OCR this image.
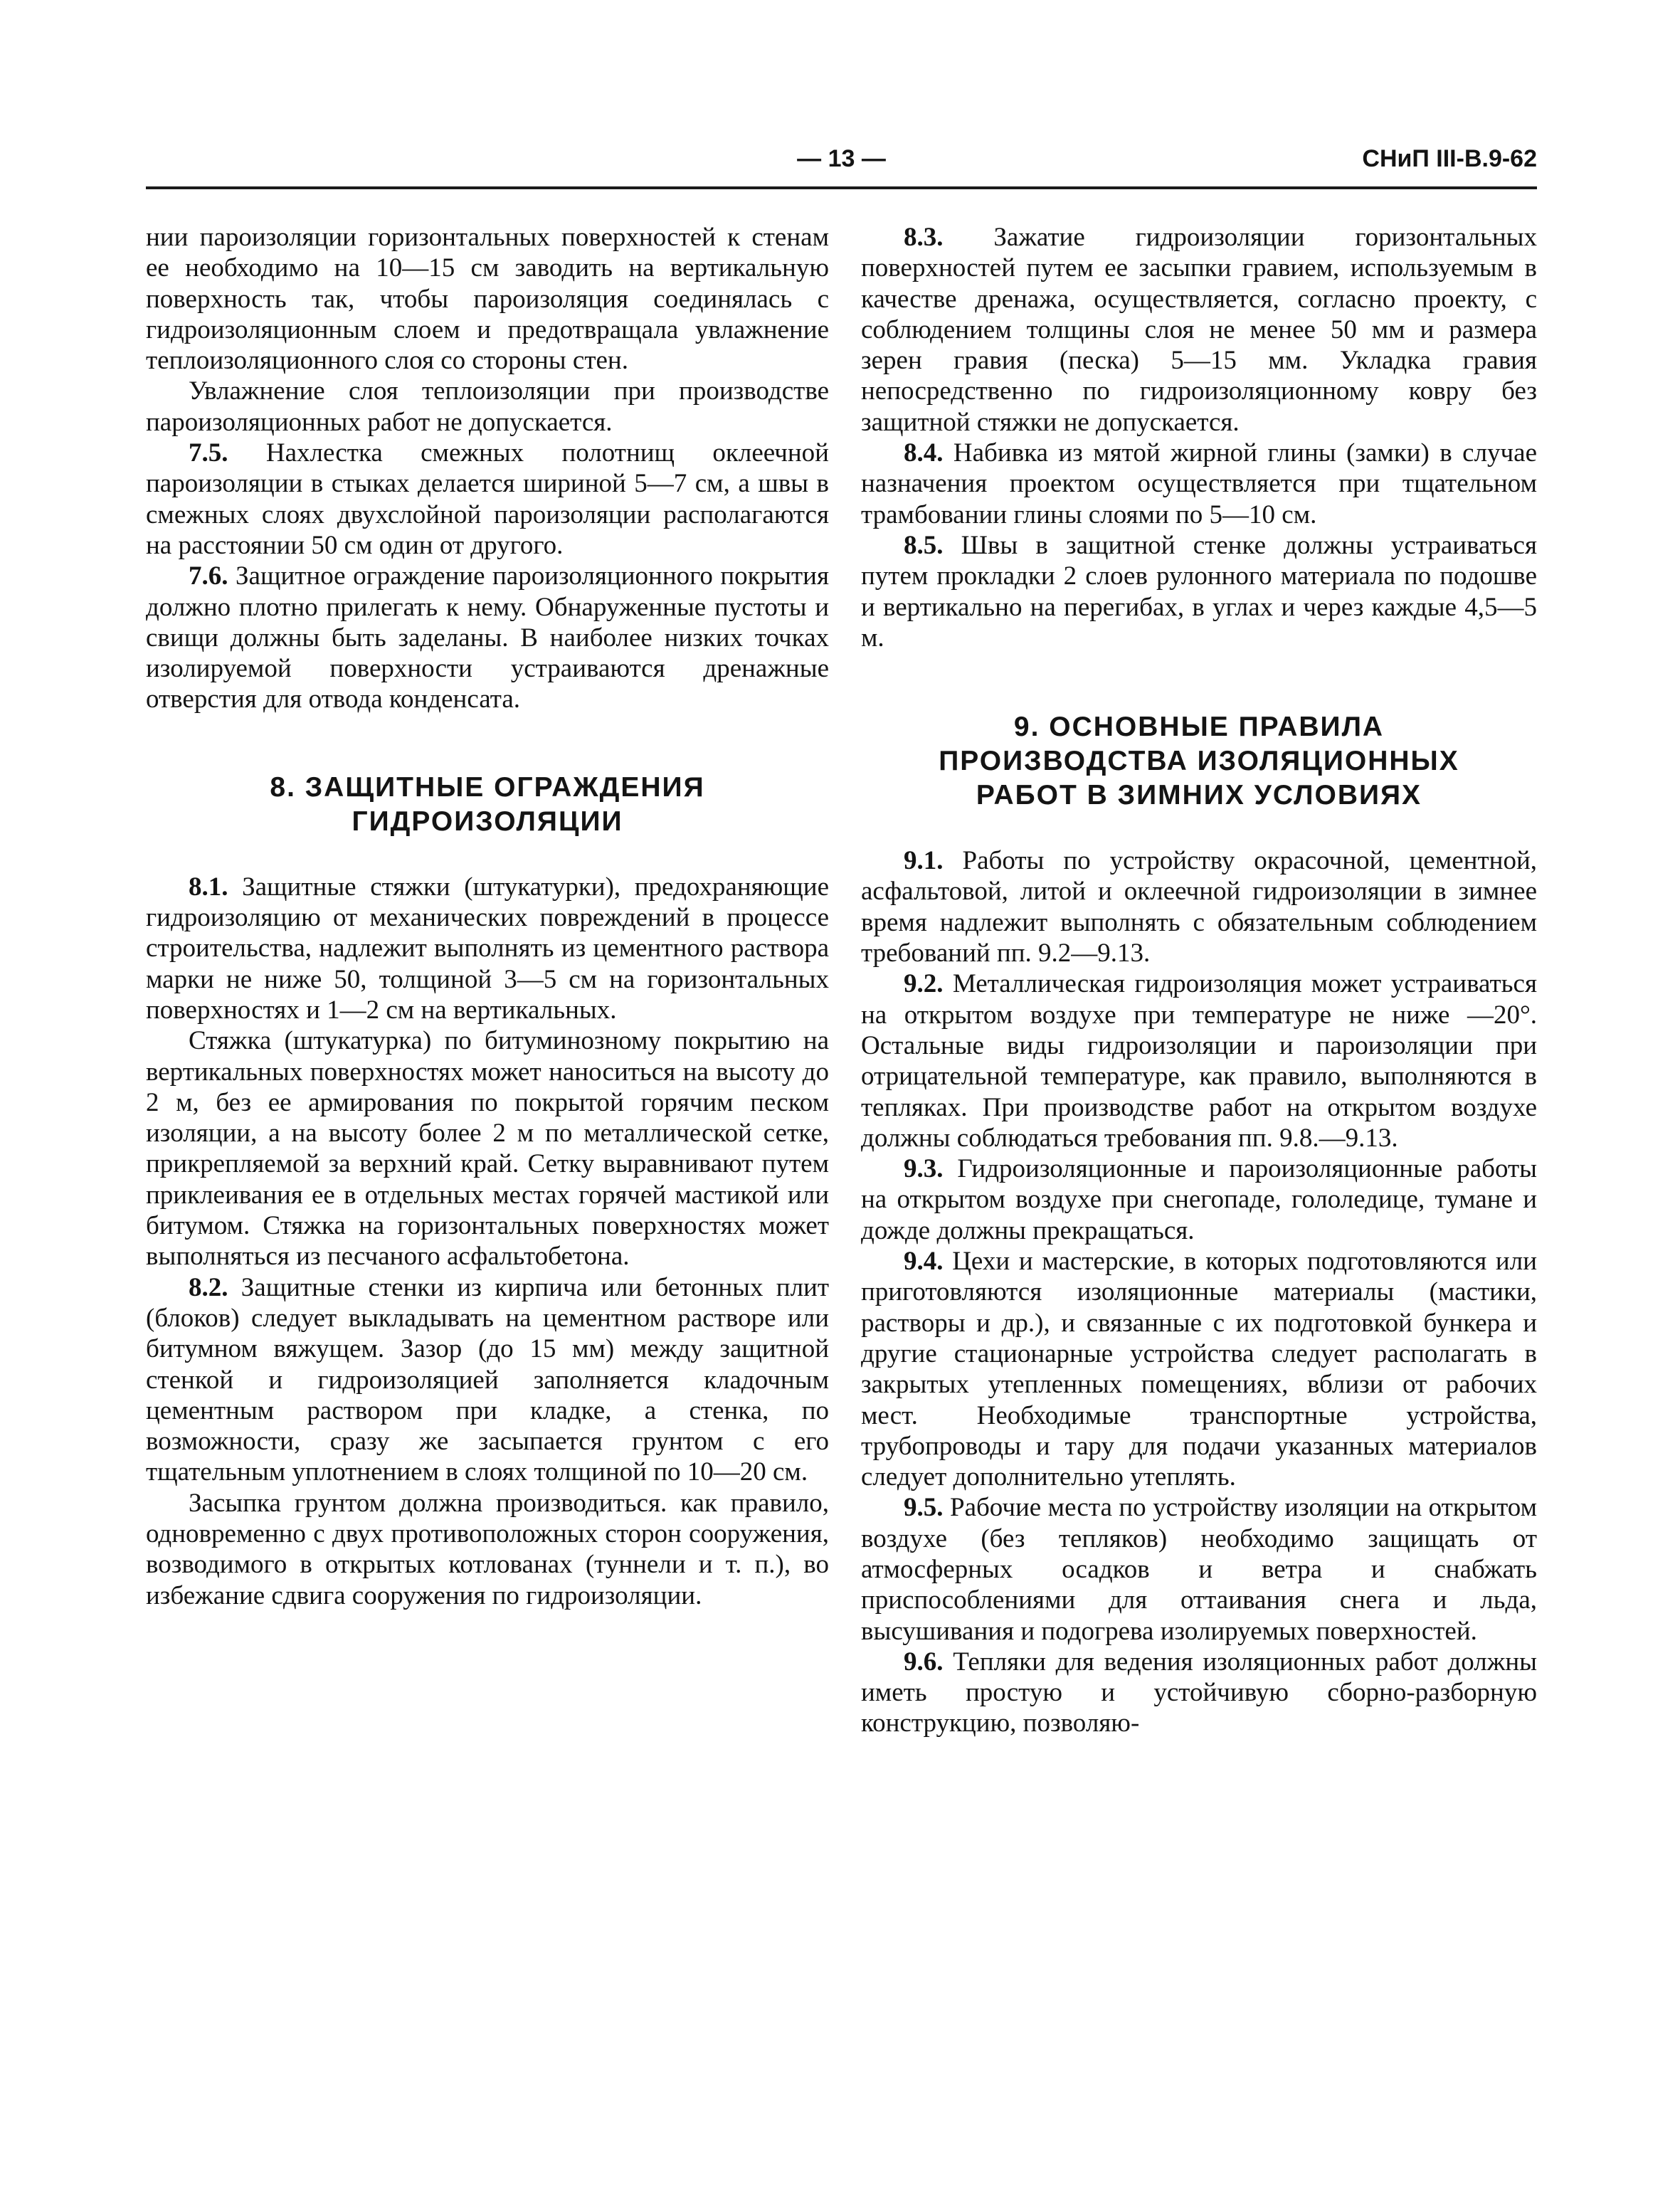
— 13 —	СНиП III-В.9-62

нии пароизоляции горизонтальных поверхностей к стенам ее необходимо на 10—15 см заводить на вертикальную поверхность так, чтобы пароизоляция соединялась с гидроизоляционным слоем и предотвращала увлажнение теплоизоляционного слоя со стороны стен.

Увлажнение слоя теплоизоляции при производстве пароизоляционных работ не допускается.

7.5. Нахлестка смежных полотнищ оклеечной пароизоляции в стыках делается шириной 5—7 см, а швы в смежных слоях двухслойной пароизоляции располагаются на расстоянии 50 см один от другого.

7.6. Защитное ограждение пароизоляционного покрытия должно плотно прилегать к нему. Обнаруженные пустоты и свищи должны быть заделаны. В наиболее низких точках изолируемой поверхности устраиваются дренажные отверстия для отвода конденсата.

8. ЗАЩИТНЫЕ ОГРАЖДЕНИЯ
ГИДРОИЗОЛЯЦИИ

8.1. Защитные стяжки (штукатурки), предохраняющие гидроизоляцию от механических повреждений в процессе строительства, надлежит выполнять из цементного раствора марки не ниже 50, толщиной 3—5 см на горизонтальных поверхностях и 1—2 см на вертикальных.

Стяжка (штукатурка) по битуминозному покрытию на вертикальных поверхностях может наноситься на высоту до 2 м, без ее армирования по покрытой горячим песком изоляции, а на высоту более 2 м по металлической сетке, прикрепляемой за верхний край. Сетку выравнивают путем приклеивания ее в отдельных местах горячей мастикой или битумом. Стяжка на горизонтальных поверхностях может выполняться из песчаного асфальтобетона.

8.2. Защитные стенки из кирпича или бетонных плит (блоков) следует выкладывать на цементном растворе или битумном вяжущем. Зазор (до 15 мм) между защитной стенкой и гидроизоляцией заполняется кладочным цементным раствором при кладке, а стенка, по возможности, сразу же засыпается грунтом с его тщательным уплотнением в слоях толщиной по 10—20 см.

Засыпка грунтом должна производиться. как правило, одновременно с двух противоположных сторон сооружения, возводимого в открытых котлованах (туннели и т. п.), во избежание сдвига сооружения по гидроизоляции.

8.3. Зажатие гидроизоляции горизонтальных поверхностей путем ее засыпки гравием, используемым в качестве дренажа, осуществляется, согласно проекту, с соблюдением толщины слоя не менее 50 мм и размера зерен гравия (песка) 5—15 мм. Укладка гравия непосредственно по гидроизоляционному ковру без защитной стяжки не допускается.

8.4. Набивка из мятой жирной глины (замки) в случае назначения проектом осуществляется при тщательном трамбовании глины слоями по 5—10 см.

8.5. Швы в защитной стенке должны устраиваться путем прокладки 2 слоев рулонного материала по подошве и вертикально на перегибах, в углах и через каждые 4,5—5 м.

9. ОСНОВНЫЕ ПРАВИЛА
ПРОИЗВОДСТВА ИЗОЛЯЦИОННЫХ
РАБОТ В ЗИМНИХ УСЛОВИЯХ

9.1. Работы по устройству окрасочной, цементной, асфальтовой, литой и оклеечной гидроизоляции в зимнее время надлежит выполнять с обязательным соблюдением требований пп. 9.2—9.13.

9.2. Металлическая гидроизоляция может устраиваться на открытом воздухе при температуре не ниже —20°. Остальные виды гидроизоляции и пароизоляции при отрицательной температуре, как правило, выполняются в тепляках. При производстве работ на открытом воздухе должны соблюдаться требования пп. 9.8.—9.13.

9.3. Гидроизоляционные и пароизоляционные работы на открытом воздухе при снегопаде, гололедице, тумане и дожде должны прекращаться.

9.4. Цехи и мастерские, в которых подготовляются или приготовляются изоляционные материалы (мастики, растворы и др.), и связанные с их подготовкой бункера и другие стационарные устройства следует располагать в закрытых утепленных помещениях, вблизи от рабочих мест. Необходимые транспортные устройства, трубопроводы и тару для подачи указанных материалов следует дополнительно утеплять.

9.5. Рабочие места по устройству изоляции на открытом воздухе (без тепляков) необходимо защищать от атмосферных осадков и ветра и снабжать приспособлениями для оттаивания снега и льда, высушивания и подогрева изолируемых поверхностей.

9.6. Тепляки для ведения изоляционных работ должны иметь простую и устойчивую сборно-разборную конструкцию, позволяю-
